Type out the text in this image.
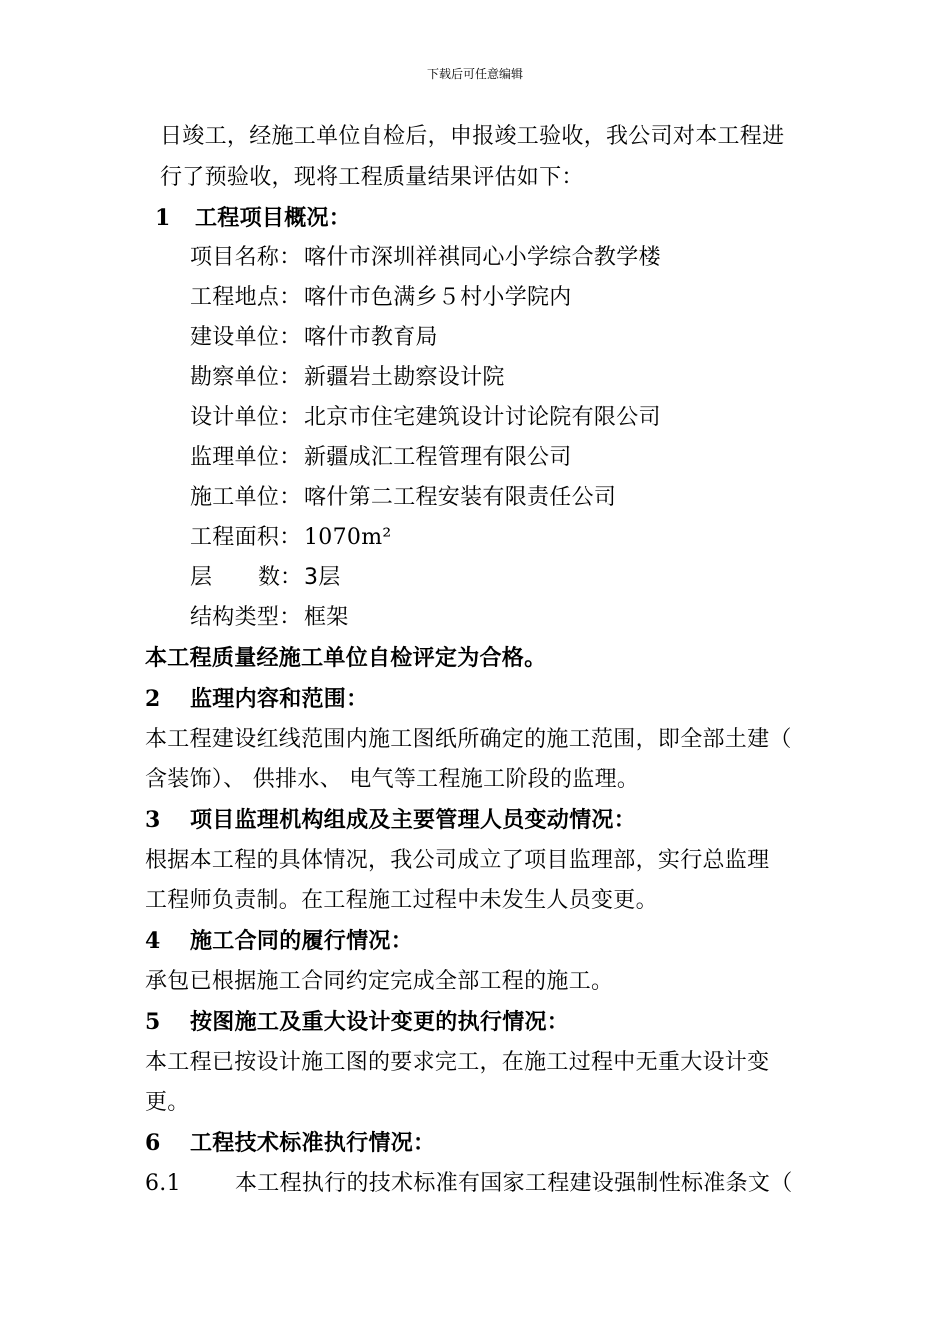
下载后可任意编辑
日竣工，经施工单位自检后，申报竣工验收，我公司对本工程进
行了预验收，现将工程质量结果评估如下：
1 工程项目概况：
项目名称： 喀什市深圳祥祺同心小学综合教学楼
工程地点： 喀什市色满乡５村小学院内
建设单位： 喀什市教育局
勘察单位： 新疆岩土勘察设计院
设计单位： 北京市住宅建筑设计讨论院有限公司
监理单位： 新疆成汇工程管理有限公司
施工单位： 喀什第二工程安装有限责任公司
工程面积： 1070m²
层 数：3层
结构类型： 框架
本工程质量经施工单位自检评定为合格。
2 监理内容和范围：
本工程建设红线范围内施工图纸所确定的施工范围，即全部土建（
含装饰）、 供排水、 电气等工程施工阶段的监理。
3 项目监理机构组成及主要管理人员变动情况：
根据本工程的具体情况，我公司成立了项目监理部，实行总监理
工程师负责制。在工程施工过程中未发生人员变更。
4 施工合同的履行情况：
承包已根据施工合同约定完成全部工程的施工。
5 按图施工及重大设计变更的执行情况：
本工程已按设计施工图的要求完工，在施工过程中无重大设计变
更。
6 工程技术标准执行情况：
6.1 本工程执行的技术标准有国家工程建设强制性标准条文（
